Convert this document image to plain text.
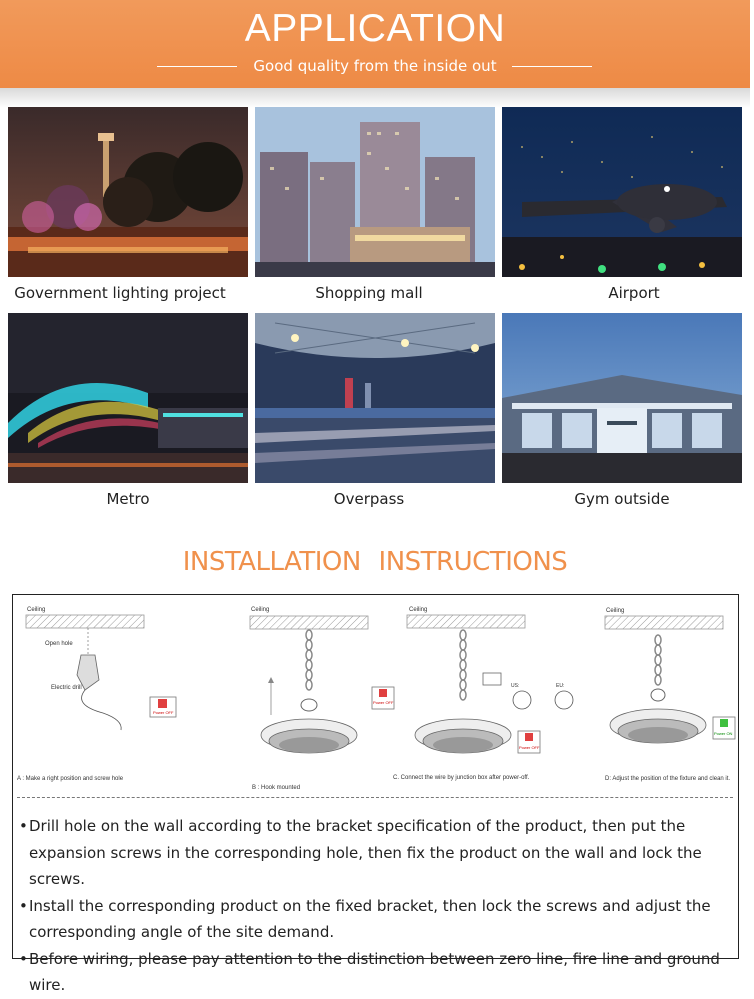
APPLICATION
Good quality from the inside out
Government lighting project	Shopping mall	Airport
Metro	Overpass	Gym outside
INSTALLATION INSTRUCTIONS
Ceiling	Ceiling	Ceiling	Ceiling
Open hole
Electric drill
Power OFF
Power OFF
Power OFF
Power ON
US:	EU:
A : Make a right position and screw hole
B : Hook mounted
C. Connect the wire by junction box after power-off.	D: Adjust the position of the fixture and clean it.
• Drill hole on the wall according to the bracket specification of the product, then put the expansion screws in the corresponding hole, then fix the product on the wall and lock the screws.
• Install the corresponding product on the fixed bracket, then lock the screws and adjust the corresponding angle of the site demand.
• Before wiring, please pay attention to the distinction between zero line, fire line and ground wire.
